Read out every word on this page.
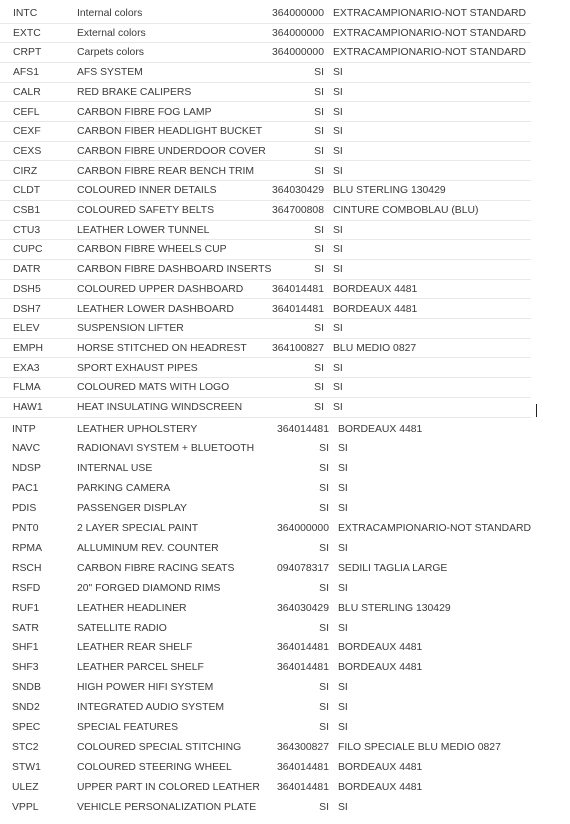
INTC	Internal colors	364000000 EXTRACAMPIONARIO-NOT STANDARD
EXTC	External colors	364000000 EXTRACAMPIONARIO-NOT STANDARD
CRPT	Carpets colors	364000000 EXTRACAMPIONARIO-NOT STANDARD
AFS1	AFS SYSTEM	SI SI
CALR	RED BRAKE CALIPERS	SI SI
CEFL	CARBON FIBRE FOG LAMP	SI SI
CEXF	CARBON FIBER HEADLIGHT BUCKET	SI SI
CEXS	CARBON FIBRE UNDERDOOR COVER	SI SI
CIRZ	CARBON FIBRE REAR BENCH TRIM	SI SI
CLDT	COLOURED INNER DETAILS	364030429 BLU STERLING 130429
CSB1	COLOURED SAFETY BELTS	364700808 CINTURE COMBOBLAU (BLU)
CTU3	LEATHER LOWER TUNNEL	SI SI
CUPC	CARBON FIBRE WHEELS CUP	SI SI
DATR	CARBON FIBRE DASHBOARD INSERTS	SI SI
DSH5	COLOURED UPPER DASHBOARD	364014481 BORDEAUX 4481
DSH7	LEATHER LOWER DASHBOARD	364014481 BORDEAUX 4481
ELEV	SUSPENSION LIFTER	SI SI
EMPH	HORSE STITCHED ON HEADREST 364100827 BLU MEDIO 0827
EXA3	SPORT EXHAUST PIPES	SI SI
FLMA	COLOURED MATS WITH LOGO	SI SI
HAW1	HEAT INSULATING WINDSCREEN	SI SI
INTP	LEATHER UPHOLSTERY	364014481 BORDEAUX 4481
NAVC	RADIONAVI SYSTEM + BLUETOOTH	SI SI
NDSP	INTERNAL USE	SI SI
PAC1	PARKING CAMERA	SI SI
PDIS	PASSENGER DISPLAY	SI SI
PNT0	2 LAYER SPECIAL PAINT	364000000 EXTRACAMPIONARIO-NOT STANDARD
RPMA	ALLUMINUM REV. COUNTER	SI SI
RSCH	CARBON FIBRE RACING SEATS	094078317 SEDILI TAGLIA LARGE
RSFD	20" FORGED DIAMOND RIMS	SI SI
RUF1	LEATHER HEADLINER	364030429 BLU STERLING 130429
SATR	SATELLITE RADIO	SI SI
SHF1	LEATHER REAR SHELF	364014481 BORDEAUX 4481
SHF3	LEATHER PARCEL SHELF	364014481 BORDEAUX 4481
SNDB	HIGH POWER HIFI SYSTEM	SI SI
SND2	INTEGRATED AUDIO SYSTEM	SI SI
SPEC	SPECIAL FEATURES	SI SI
STC2	COLOURED SPECIAL STITCHING	364300827 FILO SPECIALE BLU MEDIO 0827
STW1	COLOURED STEERING WHEEL	364014481 BORDEAUX 4481
ULEZ	UPPER PART IN COLORED LEATHER 364014481 BORDEAUX 4481
VPPL	VEHICLE PERSONALIZATION PLATE	SI SI
